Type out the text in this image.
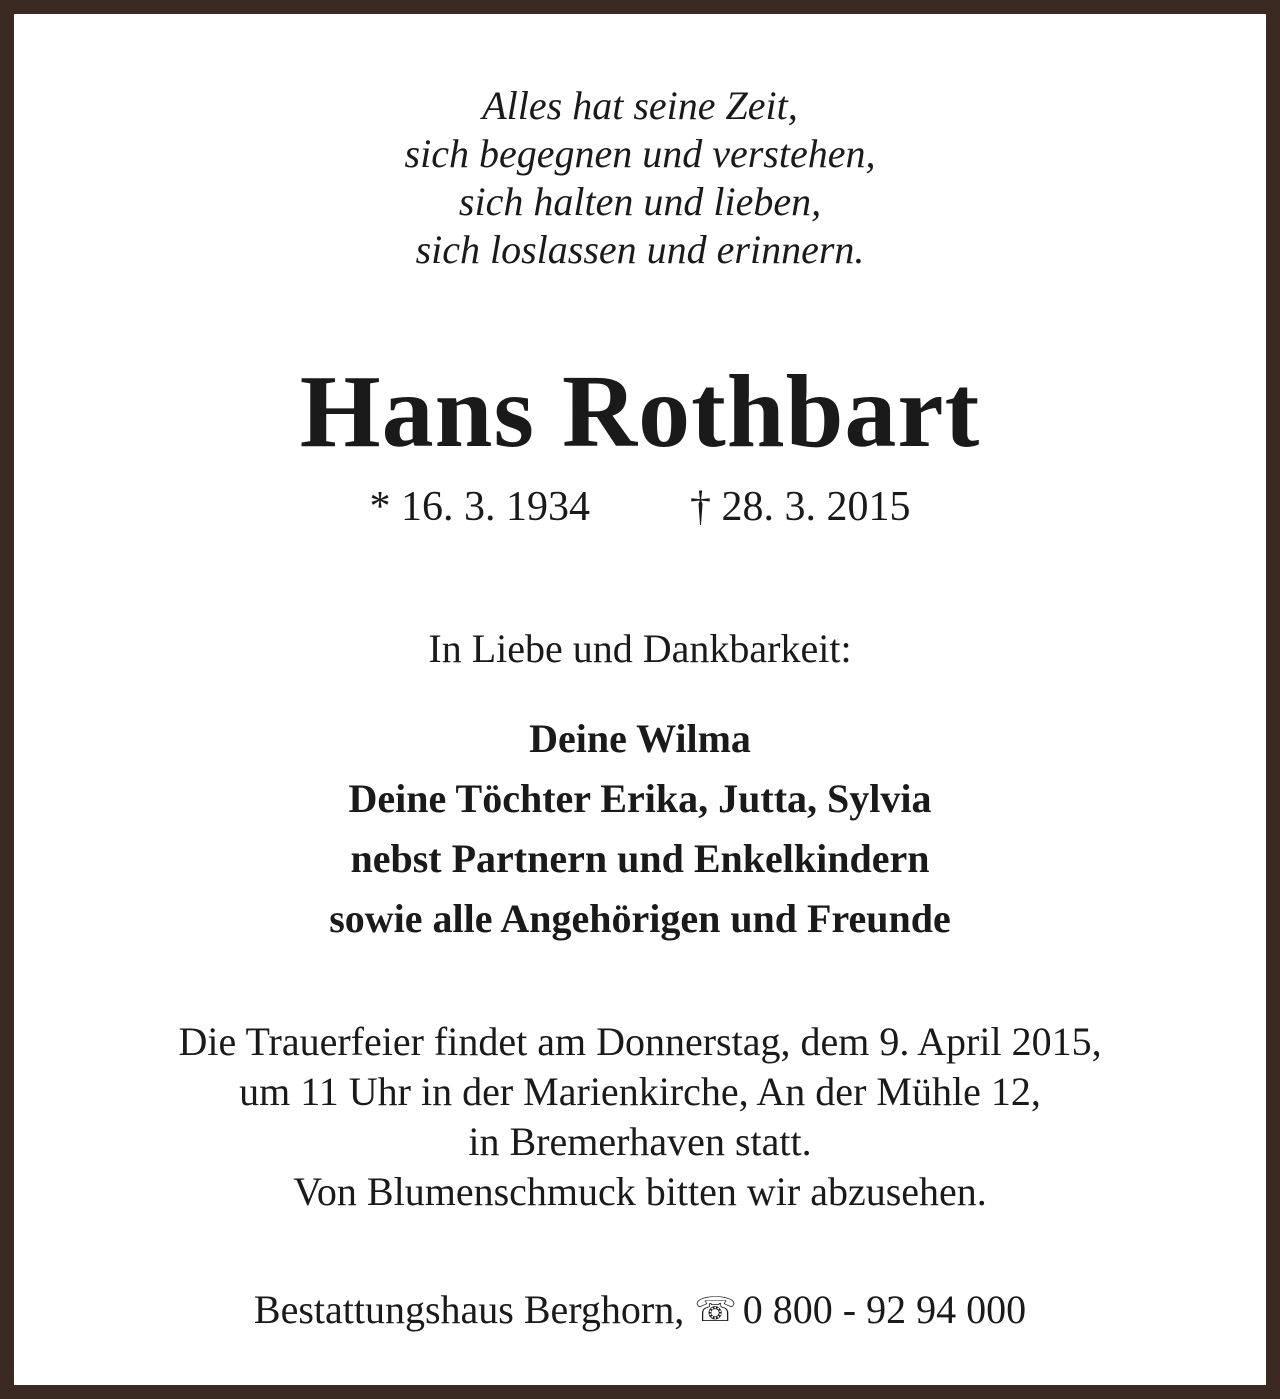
Alles hat seine Zeit,
sich begegnen und verstehen,
sich halten und lieben,
sich loslassen und erinnern.
Hans Rothbart
* 16. 3. 1934 † 28. 3. 2015
In Liebe und Dankbarkeit:
Deine Wilma
Deine Töchter Erika, Jutta, Sylvia
nebst Partnern und Enkelkindern
sowie alle Angehörigen und Freunde
Die Trauerfeier findet am Donnerstag, dem 9. April 2015,
um 11 Uhr in der Marienkirche, An der Mühle 12,
in Bremerhaven statt.
Von Blumenschmuck bitten wir abzusehen.
Bestattungshaus Berghorn, ☏ 0 800 - 92 94 000
